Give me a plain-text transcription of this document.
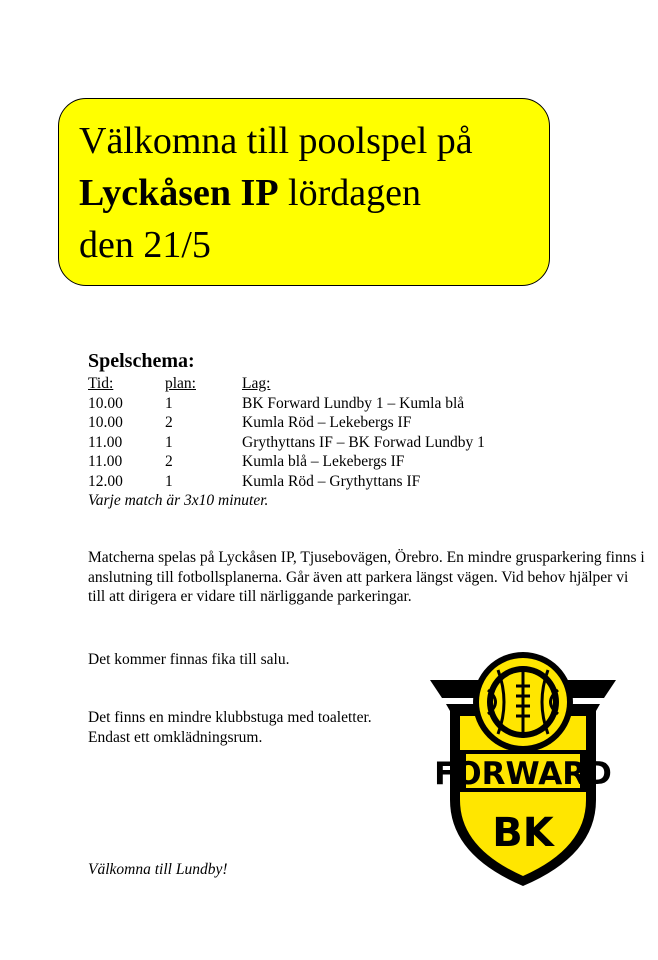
Välkomna till poolspel på
Lyckåsen IP lördagen
den 21/5
Spelschema:
Tid:	plan:	Lag:
10.00	1	BK Forward Lundby 1 – Kumla blå
10.00	2	Kumla Röd – Lekebergs IF
11.00	1	Grythyttans IF – BK Forwad Lundby 1
11.00	2	Kumla blå – Lekebergs IF
12.00	1	Kumla Röd – Grythyttans IF
Varje match är 3x10 minuter.
Matcherna spelas på Lyckåsen IP, Tjusebovägen, Örebro. En mindre grusparkering finns i anslutning till fotbollsplanerna. Går även att parkera längst vägen. Vid behov hjälper vi till att dirigera er vidare till närliggande parkeringar.
Det kommer finnas fika till salu.
Det finns en mindre klubbstuga med toaletter.
Endast ett omklädningsrum.
Välkomna till Lundby!
FORWARD
BK
